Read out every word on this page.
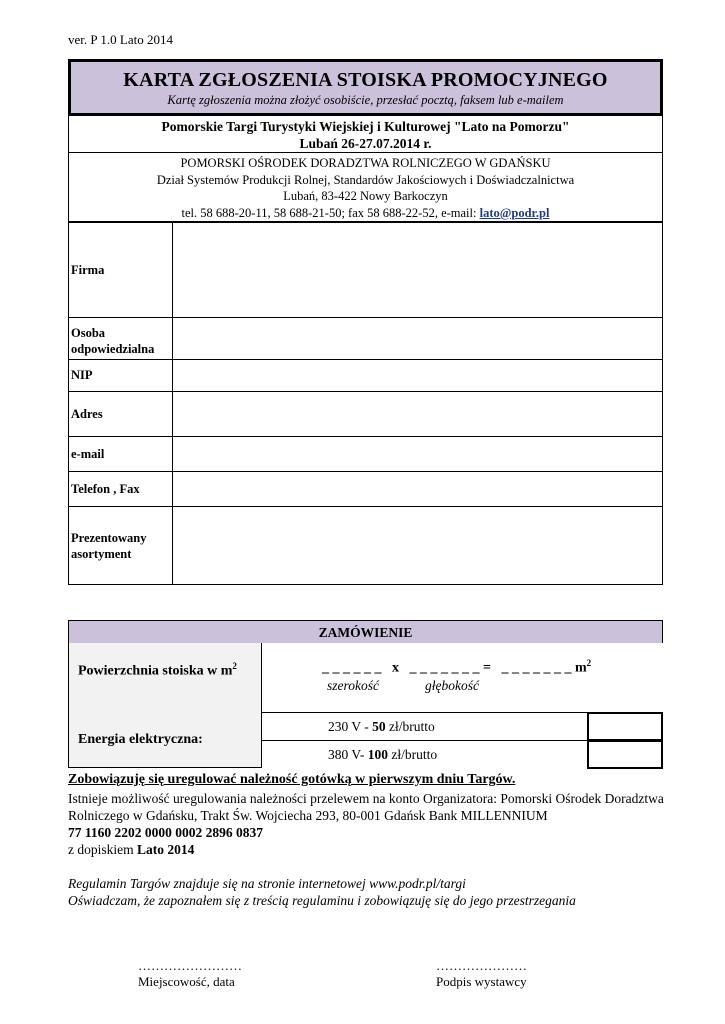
ver. P 1.0 Lato 2014
KARTA ZGŁOSZENIA STOISKA PROMOCYJNEGO
Kartę zgłoszenia można złożyć osobiście, przesłać pocztą, faksem lub e-mailem
Pomorskie Targi Turystyki Wiejskiej i Kulturowej "Lato na Pomorzu"
Lubań 26-27.07.2014 r.
POMORSKI OŚRODEK DORADZTWA ROLNICZEGO W GDAŃSKU
Dział Systemów Produkcji Rolnej, Standardów Jakościowych i Doświadczalnictwa
Lubań, 83-422 Nowy Barkoczyn
tel. 58 688-20-11, 58 688-21-50; fax 58 688-22-52, e-mail: lato@podr.pl
Firma	
Osoba odpowiedzialna	
NIP	
Adres	
e-mail	
Telefon , Fax	
Prezentowany asortyment	
ZAMÓWIENIE
Powierzchnia stoiska w $m^2$	_ _ _ _ _ _   x   _ _ _ _ _ _ _ =   _ _ _ _ _ _ _ $m^2$
szerokość	głębokość
Energia elektryczna:
230 V - 50 zł/brutto
380 V- 100 zł/brutto
Zobowiązuję się uregulować należność gotówką w pierwszym dniu Targów.
Istnieje możliwość uregulowania należności przelewem na konto Organizatora: Pomorski Ośrodek Doradztwa Rolniczego w Gdańsku, Trakt Św. Wojciecha 293, 80-001 Gdańsk Bank MILLENNIUM
77 1160 2202 0000 0002 2896 0837
z dopiskiem Lato 2014
Regulamin Targów znajduje się na stronie internetowej www.podr.pl/targi
Oświadczam, że zapoznałem się z treścią regulaminu i zobowiązuję się do jego przestrzegania
……………………
Miejscowość, data
…………………
Podpis wystawcy
